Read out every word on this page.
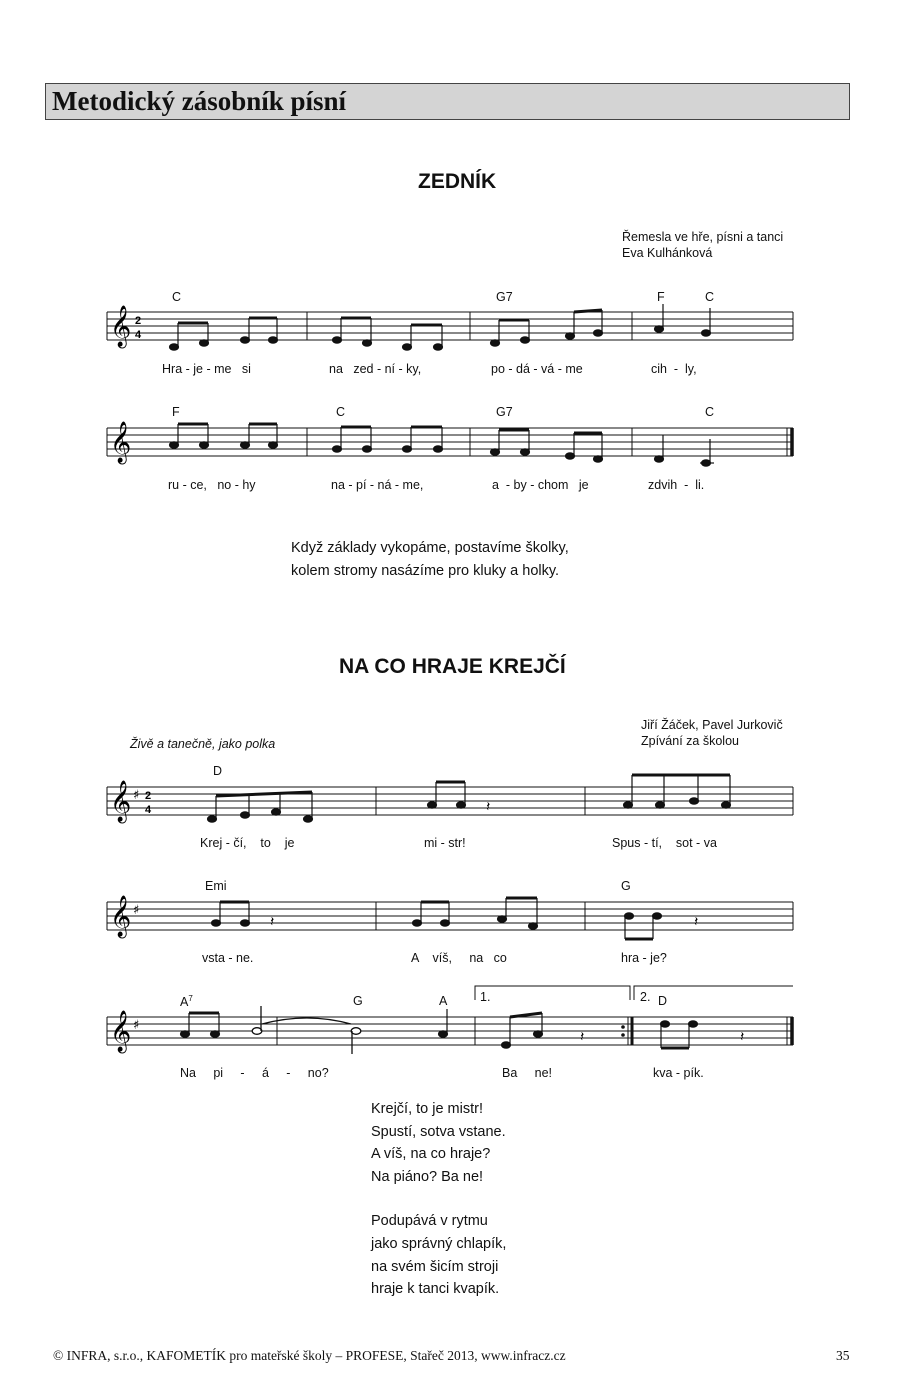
Metodický zásobník písní
ZEDNÍK
Řemesla ve hře, písni a tanci
Eva Kulhánková
C	G7	F	C
𝄞 2
4
Hra - je - me   si	na   zed - ní - ky,	po - dá - vá - me	cih  -  ly,
F	C	G7	C
𝄞
ru - ce,   no - hy	na - pí - ná - me,	a  - by - chom   je	zdvih  -  li.
Když základy vykopáme, postavíme školky,
kolem stromy nasázíme pro kluky a holky.
NA CO HRAJE KREJČÍ
Jiří Žáček, Pavel Jurkovič
Zpívání za školou
Živě a tanečně, jako polka
D
𝄞 ♯ 2
4	𝄽
Krej - čí,    to    je	mi - str!	Spus - tí,    sot - va
Emi	G
𝄞 ♯
𝄽	𝄽
vsta - ne.	A    víš,     na   co	hra - je?
$A^7$	G	A	D
1.	2.
𝄞 ♯
𝄽	𝄽
Na     pi     -     á     -     no?	Ba     ne!	kva - pík.
Krejčí, to je mistr!
Spustí, sotva vstane.
A víš, na co hraje?
Na piáno? Ba ne!
Podupává v rytmu
jako správný chlapík,
na svém šicím stroji
hraje k tanci kvapík.
© INFRA, s.r.o., KAFOMETÍK pro mateřské školy – PROFESE, Stařeč 2013, www.infracz.cz	35
